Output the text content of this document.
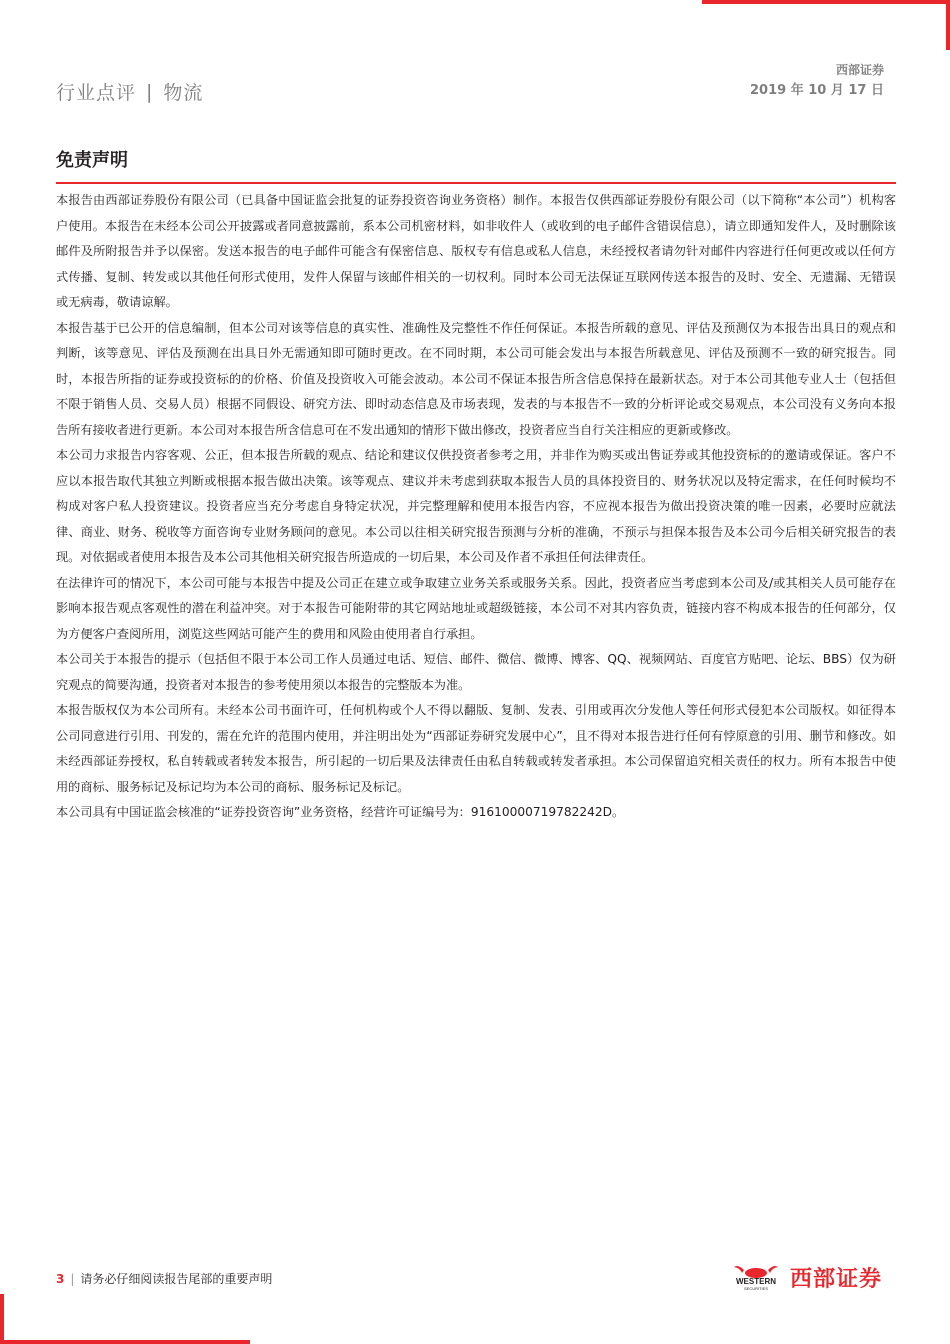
行业点评 | 物流
西部证券
2019 年 10 月 17 日
免责声明

本报告由西部证券股份有限公司（已具备中国证监会批复的证券投资咨询业务资格）制作。本报告仅供西部证券股份有限公司（以下简称“本公司”）机构客户使用。本报告在未经本公司公开披露或者同意披露前，系本公司机密材料，如非收件人（或收到的电子邮件含错误信息），请立即通知发件人，及时删除该邮件及所附报告并予以保密。发送本报告的电子邮件可能含有保密信息、版权专有信息或私人信息，未经授权者请勿针对邮件内容进行任何更改或以任何方式传播、复制、转发或以其他任何形式使用，发件人保留与该邮件相关的一切权利。同时本公司无法保证互联网传送本报告的及时、安全、无遗漏、无错误或无病毒，敬请谅解。

本报告基于已公开的信息编制，但本公司对该等信息的真实性、准确性及完整性不作任何保证。本报告所载的意见、评估及预测仅为本报告出具日的观点和判断，该等意见、评估及预测在出具日外无需通知即可随时更改。在不同时期，本公司可能会发出与本报告所载意见、评估及预测不一致的研究报告。同时，本报告所指的证券或投资标的的价格、价值及投资收入可能会波动。本公司不保证本报告所含信息保持在最新状态。对于本公司其他专业人士（包括但不限于销售人员、交易人员）根据不同假设、研究方法、即时动态信息及市场表现，发表的与本报告不一致的分析评论或交易观点，本公司没有义务向本报告所有接收者进行更新。本公司对本报告所含信息可在不发出通知的情形下做出修改，投资者应当自行关注相应的更新或修改。

本公司力求报告内容客观、公正，但本报告所载的观点、结论和建议仅供投资者参考之用，并非作为购买或出售证券或其他投资标的的邀请或保证。客户不应以本报告取代其独立判断或根据本报告做出决策。该等观点、建议并未考虑到获取本报告人员的具体投资目的、财务状况以及特定需求，在任何时候均不构成对客户私人投资建议。投资者应当充分考虑自身特定状况，并完整理解和使用本报告内容，不应视本报告为做出投资决策的唯一因素，必要时应就法律、商业、财务、税收等方面咨询专业财务顾问的意见。本公司以往相关研究报告预测与分析的准确，不预示与担保本报告及本公司今后相关研究报告的表现。对依据或者使用本报告及本公司其他相关研究报告所造成的一切后果，本公司及作者不承担任何法律责任。

在法律许可的情况下，本公司可能与本报告中提及公司正在建立或争取建立业务关系或服务关系。因此，投资者应当考虑到本公司及/或其相关人员可能存在影响本报告观点客观性的潜在利益冲突。对于本报告可能附带的其它网站地址或超级链接，本公司不对其内容负责，链接内容不构成本报告的任何部分，仅为方便客户查阅所用，浏览这些网站可能产生的费用和风险由使用者自行承担。

本公司关于本报告的提示（包括但不限于本公司工作人员通过电话、短信、邮件、微信、微博、博客、QQ、视频网站、百度官方贴吧、论坛、BBS）仅为研究观点的简要沟通，投资者对本报告的参考使用须以本报告的完整版本为准。

本报告版权仅为本公司所有。未经本公司书面许可，任何机构或个人不得以翻版、复制、发表、引用或再次分发他人等任何形式侵犯本公司版权。如征得本公司同意进行引用、刊发的，需在允许的范围内使用，并注明出处为“西部证券研究发展中心”，且不得对本报告进行任何有悖原意的引用、删节和修改。如未经西部证券授权，私自转载或者转发本报告，所引起的一切后果及法律责任由私自转载或转发者承担。本公司保留追究相关责任的权力。所有本报告中使用的商标、服务标记及标记均为本公司的商标、服务标记及标记。

本公司具有中国证监会核准的“证券投资咨询”业务资格，经营许可证编号为：91610000719782242D。

3 | 请务必仔细阅读报告尾部的重要声明	WESTERN
SECURITIES 西部证券
